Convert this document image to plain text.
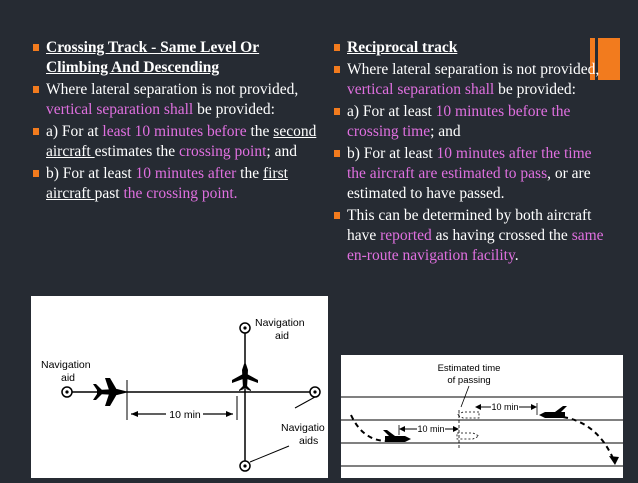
Crossing Track - Same Level Or
Climbing And Descending
Where lateral separation is not provided, vertical separation shall be provided:
a) For at least 10 minutes before the second aircraft estimates the crossing point; and
b) For at least 10 minutes after the first aircraft past the crossing point.
Reciprocal track
Where lateral separation is not provided, vertical separation shall be provided:
a) For at least 10 minutes before the crossing time; and
b) For at least 10 minutes after the time the aircraft are estimated to pass, or are estimated to have passed.
This can be determined by both aircraft have reported as having crossed the same en-route navigation facility.
10 min
Navigation
aid
Navigation
aid
Navigatio
aids
Estimated time
of passing
10 min
10 min
